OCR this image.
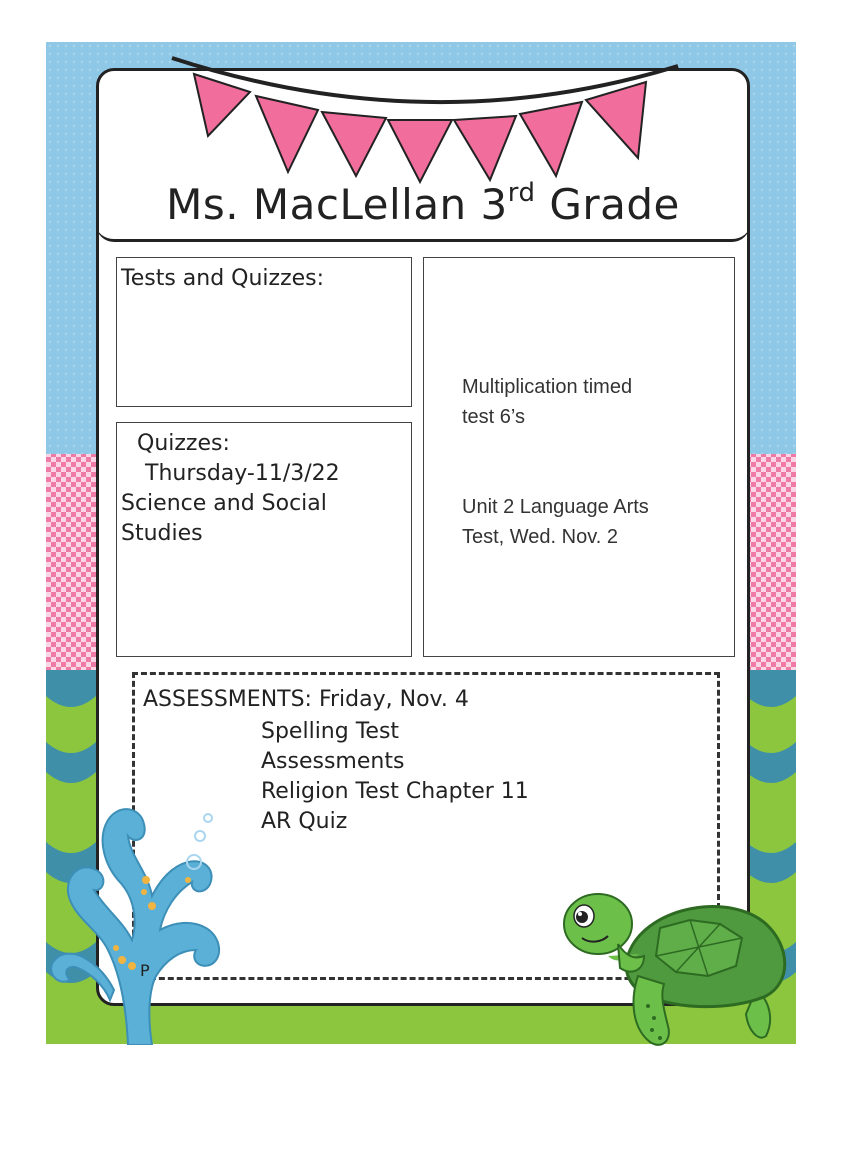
Ms. MacLellan 3rd Grade
Tests and Quizzes:
Quizzes:
Thursday-11/3/22
Science and Social
Studies
Multiplication timed
test 6’s
Unit 2 Language Arts
Test, Wed. Nov. 2
ASSESSMENTS: Friday, Nov. 4
Spelling Test
Assessments
Religion Test Chapter 11
AR Quiz
P
